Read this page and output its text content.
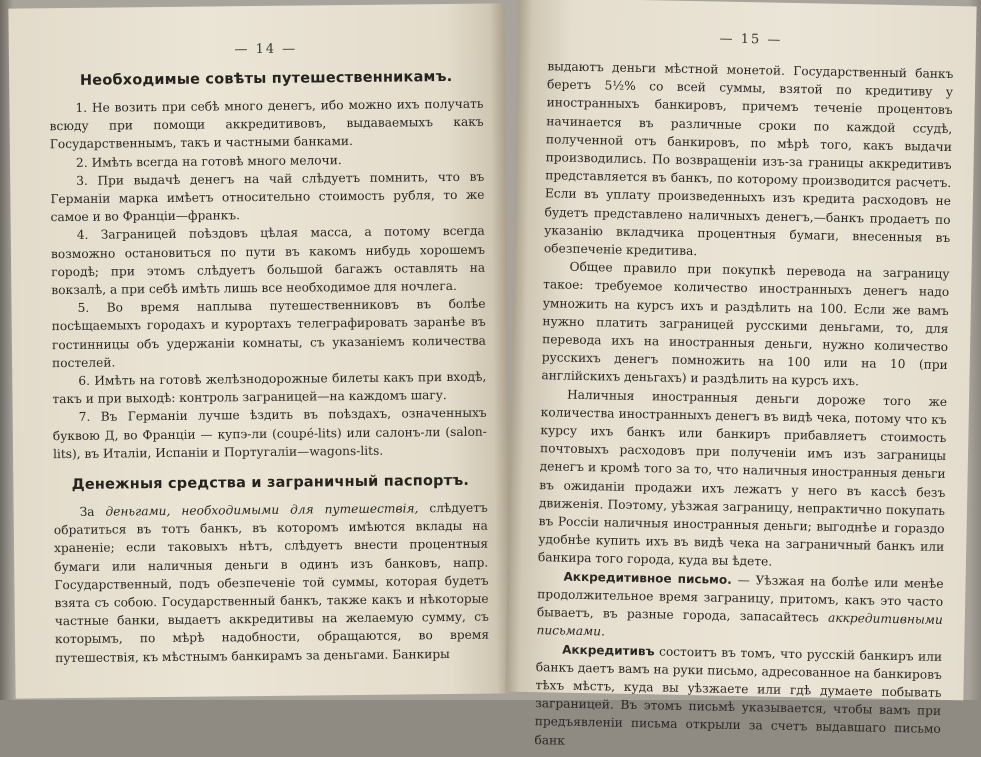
— 14 —
Необходимые совѣты путешественникамъ.

1. Не возить при себѣ много денегъ, ибо можно ихъ получать всюду при помощи аккредитивовъ, выдаваемыхъ какъ Государственнымъ, такъ и частными банками.

2. Имѣть всегда на готовѣ много мелочи.

3. При выдачѣ денегъ на чай слѣдуетъ помнить, что въ Германіи марка имѣетъ относительно стоимость рубля, то же самое и во Франціи—франкъ.

4. Заграницей поѣздовъ цѣлая масса, а потому всегда возможно остановиться по пути въ какомъ нибудь хорошемъ городѣ; при этомъ слѣдуетъ большой багажъ оставлять на вокзалѣ, а при себѣ имѣть лишь все необходимое для ночлега.

5. Во время наплыва путешественниковъ въ болѣе посѣщаемыхъ городахъ и курортахъ телеграфировать заранѣе въ гостинницы объ удержаніи комнаты, съ указаніемъ количества постелей.

6. Имѣть на готовѣ желѣзнодорожные билеты какъ при входѣ, такъ и при выходѣ: контроль заграницей—на каждомъ шагу.

7. Въ Германіи лучше ѣздить въ поѣздахъ, означенныхъ буквою Д, во Франціи — купэ-ли (coupé-lits) или салонъ-ли (salon-lits), въ Италіи, Испаніи и Португаліи—wagons-lits.

Денежныя средства и заграничный паспортъ.

За деньгами, необходимыми для путешествія, слѣдуетъ обратиться въ тотъ банкъ, въ которомъ имѣются вклады на храненіе; если таковыхъ нѣтъ, слѣдуетъ внести процентныя бумаги или наличныя деньги в одинъ изъ банковъ, напр. Государственный, подъ обезпеченіе той суммы, которая будетъ взята съ собою. Государственный банкъ, также какъ и нѣкоторые частные банки, выдаетъ аккредитивы на желаемую сумму, съ которымъ, по мѣрѣ надобности, обращаются, во время путешествія, къ мѣстнымъ банкирамъ за деньгами. Банкиры

— 15 —

выдаютъ деньги мѣстной монетой. Государственный банкъ беретъ 5½% со всей суммы, взятой по кредитиву у иностранныхъ банкировъ, причемъ теченіе процентовъ начинается въ различные сроки по каждой ссудѣ, полученной отъ банкировъ, по мѣрѣ того, какъ выдачи производились. По возвращеніи изъ-за границы аккредитивъ представляется въ банкъ, по которому производится расчетъ. Если въ уплату произведенныхъ изъ кредита расходовъ не будетъ представлено наличныхъ денегъ,—банкъ продаетъ по указанію вкладчика процентныя бумаги, внесенныя въ обезпеченіе кредитива.

Общее правило при покупкѣ перевода на заграницу такое: требуемое количество иностранныхъ денегъ надо умножить на курсъ ихъ и раздѣлить на 100. Если же вамъ нужно платить заграницей русскими деньгами, то, для перевода ихъ на иностранныя деньги, нужно количество русскихъ денегъ помножить на 100 или на 10 (при англійскихъ деньгахъ) и раздѣлить на курсъ ихъ.

Наличныя иностранныя деньги дороже того же количества иностранныхъ денегъ въ видѣ чека, потому что къ курсу ихъ банкъ или банкиръ прибавляетъ стоимость почтовыхъ расходовъ при полученіи имъ изъ заграницы денегъ и кромѣ того за то, что наличныя иностранныя деньги въ ожиданіи продажи ихъ лежатъ у него въ кассѣ безъ движенія. Поэтому, уѣзжая заграницу, непрактично покупать въ Россіи наличныя иностранныя деньги; выгоднѣе и гораздо удобнѣе купить ихъ въ видѣ чека на заграничный банкъ или банкира того города, куда вы ѣдете.

Аккредитивное письмо. — Уѣзжая на болѣе или менѣе продолжительное время заграницу, притомъ, какъ это часто бываетъ, въ разные города, запасайтесь аккредитивными письмами.

Аккредитивъ состоитъ въ томъ, что русскій банкиръ или банкъ даетъ вамъ на руки письмо, адресованное на банкировъ тѣхъ мѣстъ, куда вы уѣзжаете или гдѣ думаете побывать заграницей. Въ этомъ письмѣ указывается, чтобы вамъ при предъявленіи письма открыли за счетъ выдавшаго письмо банк
